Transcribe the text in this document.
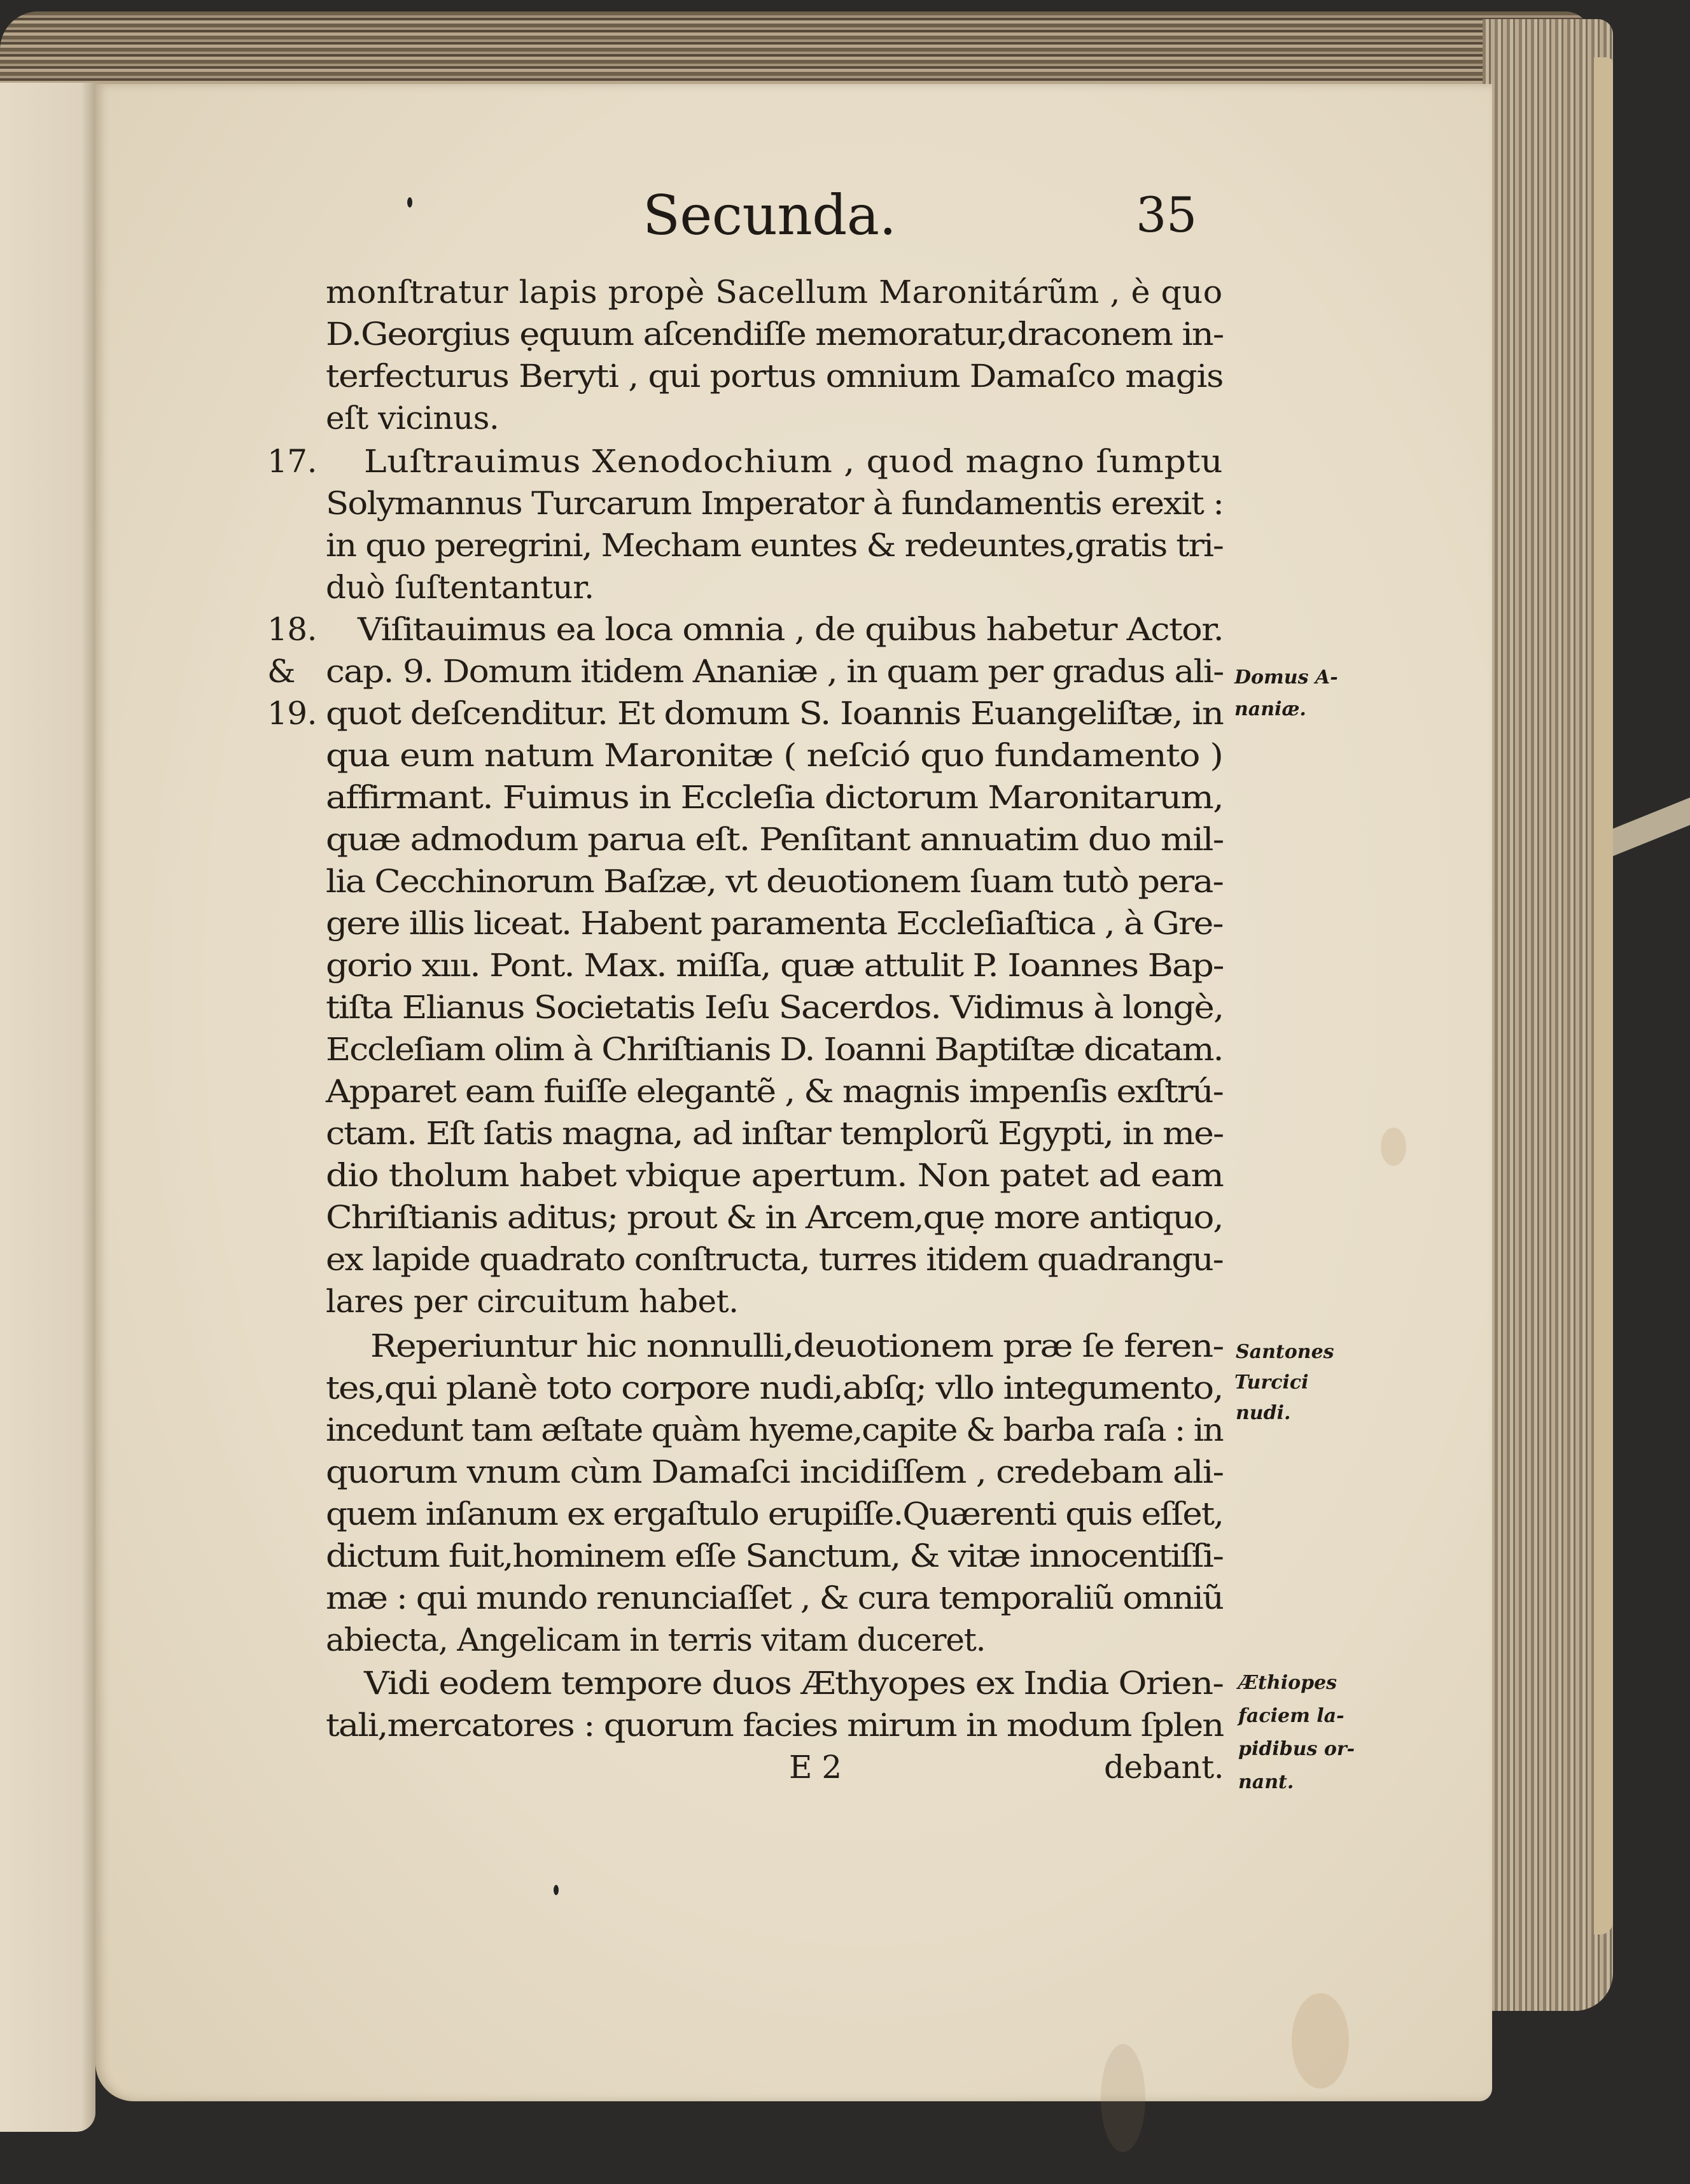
Secunda.	35
monſtratur lapis propè Sacellum Maronitárũm , è quo
D.Georgius ẹquum aſcendiſſe memoratur,draconem in-
terfecturus Beryti , qui portus omnium Damaſco magis
eſt vicinus.
17. Luſtrauimus Xenodochium , quod magno ſumptu
Solymannus Turcarum Imperator à fundamentis erexit :
in quo peregrini, Mecham euntes & redeuntes,gratis tri-
duò ſuſtentantur.
18. Viſitauimus ea loca omnia , de quibus habetur Actor.
& cap. 9. Domum itidem Ananiæ , in quam per gradus ali-
19. quot deſcenditur. Et domum S. Ioannis Euangeliſtæ, in
qua eum natum Maronitæ ( neſció quo fundamento )
affirmant. Fuimus in Eccleſia dictorum Maronitarum,
quæ admodum parua eſt. Penſitant annuatim duo mil-
lia Cecchinorum Baſzæ, vt deuotionem ſuam tutò pera-
gere illis liceat. Habent paramenta Eccleſiaſtica , à Gre-
gorio xııı. Pont. Max. miſſa, quæ attulit P. Ioannes Bap-
tiſta Elianus Societatis Ieſu Sacerdos. Vidimus à longè,
Eccleſiam olim à Chriſtianis D. Ioanni Baptiſtæ dicatam.
Apparet eam fuiſſe elegantẽ , & magnis impenſis exſtrú-
ctam. Eſt ſatis magna, ad inſtar templorũ Egypti, in me-
dio tholum habet vbique apertum. Non patet ad eam
Chriſtianis aditus; prout & in Arcem,quẹ more antiquo,
ex lapide quadrato conſtructa, turres itidem quadrangu-
lares per circuitum habet.
Reperiuntur hic nonnulli,deuotionem præ ſe feren-
tes,qui planè toto corpore nudi,abſq; vllo integumento,
incedunt tam æſtate quàm hyeme,capite & barba raſa : in
quorum vnum cùm Damaſci incidiſſem , credebam ali-
quem inſanum ex ergaſtulo erupiſſe.Quærenti quis eſſet,
dictum fuit,hominem eſſe Sanctum, & vitæ innocentiſſi-
mæ : qui mundo renunciaſſet , & cura temporaliũ omniũ
abiecta, Angelicam in terris vitam duceret.
Vidi eodem tempore duos Æthyopes ex India Orien-
tali,mercatores : quorum facies mirum in modum ſplen
E 2	debant.
Domus A-
naniæ.
Santones
Turcici
nudi.
Æthiopes
faciem la-
pidibus or-
nant.
